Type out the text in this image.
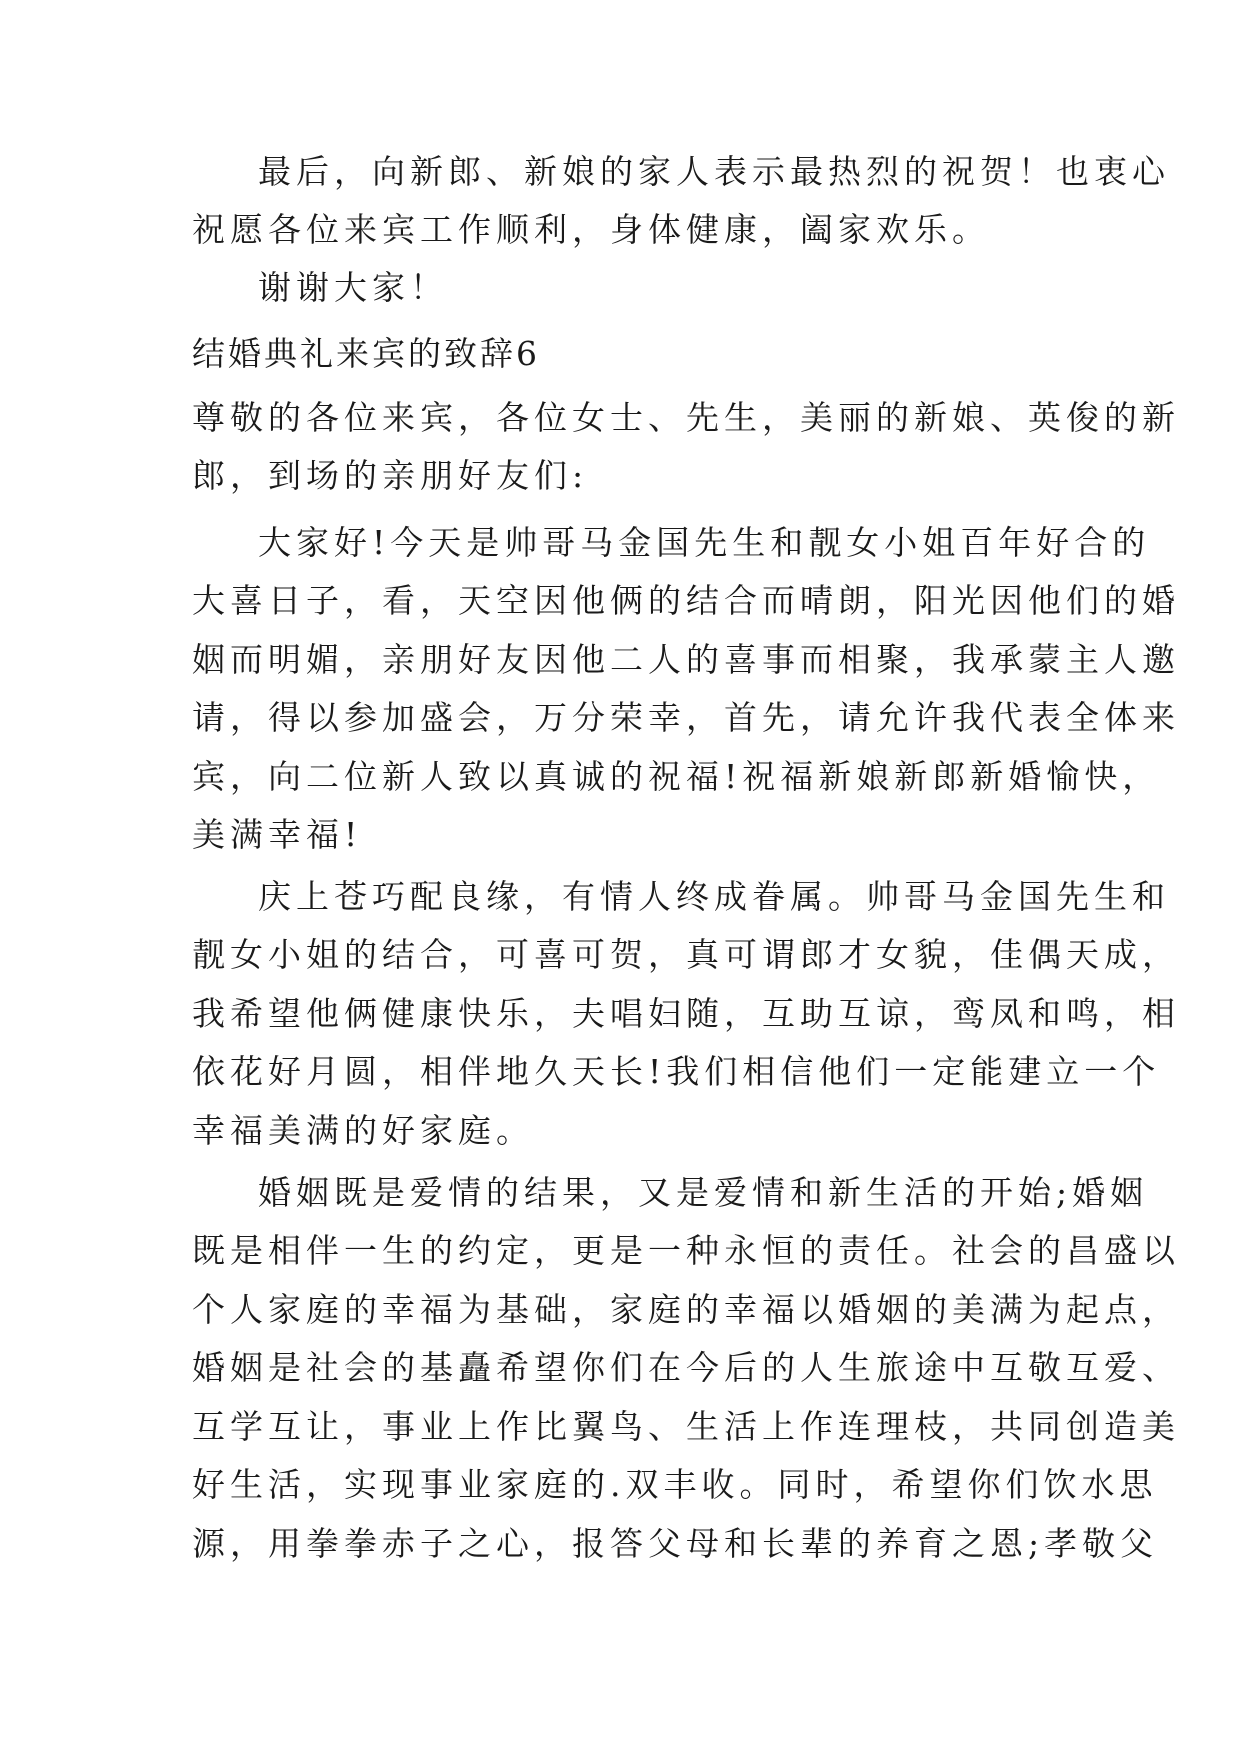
最后，向新郎、新娘的家人表示最热烈的祝贺！也衷心
祝愿各位来宾工作顺利，身体健康，阖家欢乐。
谢谢大家！
结婚典礼来宾的致辞6
尊敬的各位来宾，各位女士、先生，美丽的新娘、英俊的新
郎，到场的亲朋好友们:
大家好!今天是帅哥马金国先生和靓女小姐百年好合的
大喜日子，看，天空因他俩的结合而晴朗，阳光因他们的婚
姻而明媚，亲朋好友因他二人的喜事而相聚，我承蒙主人邀
请，得以参加盛会，万分荣幸，首先，请允许我代表全体来
宾，向二位新人致以真诚的祝福!祝福新娘新郎新婚愉快，
美满幸福!
庆上苍巧配良缘，有情人终成眷属。帅哥马金国先生和
靓女小姐的结合，可喜可贺，真可谓郎才女貌，佳偶天成，
我希望他俩健康快乐，夫唱妇随，互助互谅，鸾凤和鸣，相
依花好月圆，相伴地久天长!我们相信他们一定能建立一个
幸福美满的好家庭。
婚姻既是爱情的结果，又是爱情和新生活的开始;婚姻
既是相伴一生的约定，更是一种永恒的责任。社会的昌盛以
个人家庭的幸福为基础，家庭的幸福以婚姻的美满为起点，
婚姻是社会的基矗希望你们在今后的人生旅途中互敬互爱、
互学互让，事业上作比翼鸟、生活上作连理枝，共同创造美
好生活，实现事业家庭的.双丰收。同时，希望你们饮水思
源，用拳拳赤子之心，报答父母和长辈的养育之恩;孝敬父
